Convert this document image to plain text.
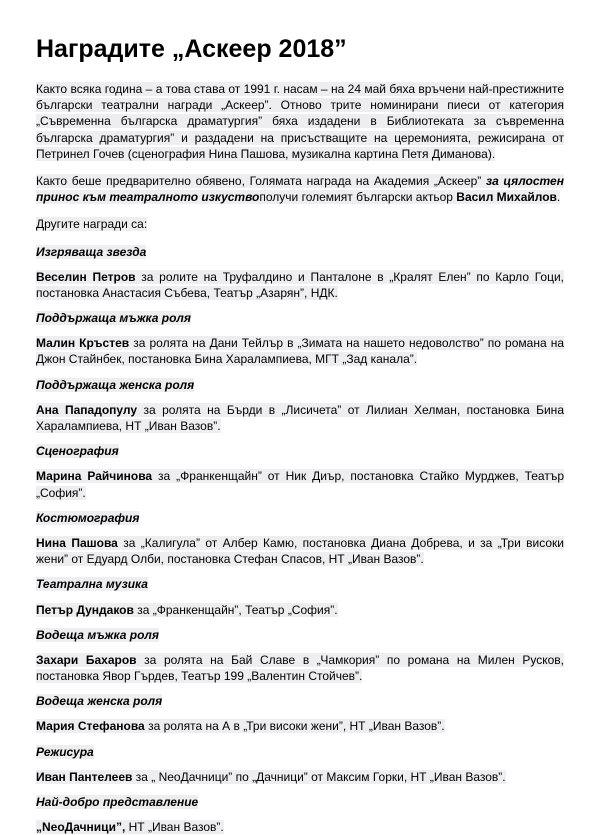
Наградите „Аскеер 2018”

Както всяка година – а това става от 1991 г. насам – на 24 май бяха връчени най-престижните български театрални награди „Аскеер”. Отново трите номинирани пиеси от категория „Съвременна българска драматургия” бяха издадени в Библиотеката за съвременна българска драматургия” и раздадени на присъстващите на церемонията, режисирана от Петринел Гочев (сценография Нина Пашова, музикална картина Петя Диманова).

Както беше предварително обявено, Голямата награда на Академия „Аскеер” за цялостен принос към театралното изкуствополучи големият български актьор Васил Михайлов.

Другите награди са:

Изгряваща звезда
Веселин Петров за ролите на Труфалдино и Панталоне в „Кралят Елен” по Карло Гоци, постановка Анастасия Събева, Театър „Азарян”, НДК.
Поддържаща мъжка роля
Малин Кръстев за ролята на Дани Тейлър в „Зимата на нашето недоволство” по романа на Джон Стайнбек, постановка Бина Харалампиева, МГТ „Зад канала”.
Поддържаща женска роля
Ана Пападопулу за ролята на Бърди в „Лисичета” от Лилиан Хелман, постановка Бина Харалампиева, НТ „Иван Вазов”.
Сценография
Марина Райчинова за „Франкенщайн” от Ник Диър, постановка Стайко Мурджев, Театър „София”.
Костюмография
Нина Пашова за „Калигула” от Албер Камю, постановка Диана Добрева, и за „Три високи жени” от Едуард Олби, постановка Стефан Спасов, НТ „Иван Вазов”.
Театрална музика
Петър Дундаков за „Франкенщайн”, Театър „София”.
Водеща мъжка роля
Захари Бахаров за ролята на Бай Славе в „Чамкория” по романа на Милен Русков, постановка Явор Гърдев, Театър 199 „Валентин Стойчев”.
Водеща женска роля
Мария Стефанова за ролята на А в „Три високи жени”, НТ „Иван Вазов”.
Режисура
Иван Пантелеев за „ NeoДачници” по „Дачници” от Максим Горки, НТ „Иван Вазов”.
Най-добро представление
„NeoДачници”, НТ „Иван Вазов”.
